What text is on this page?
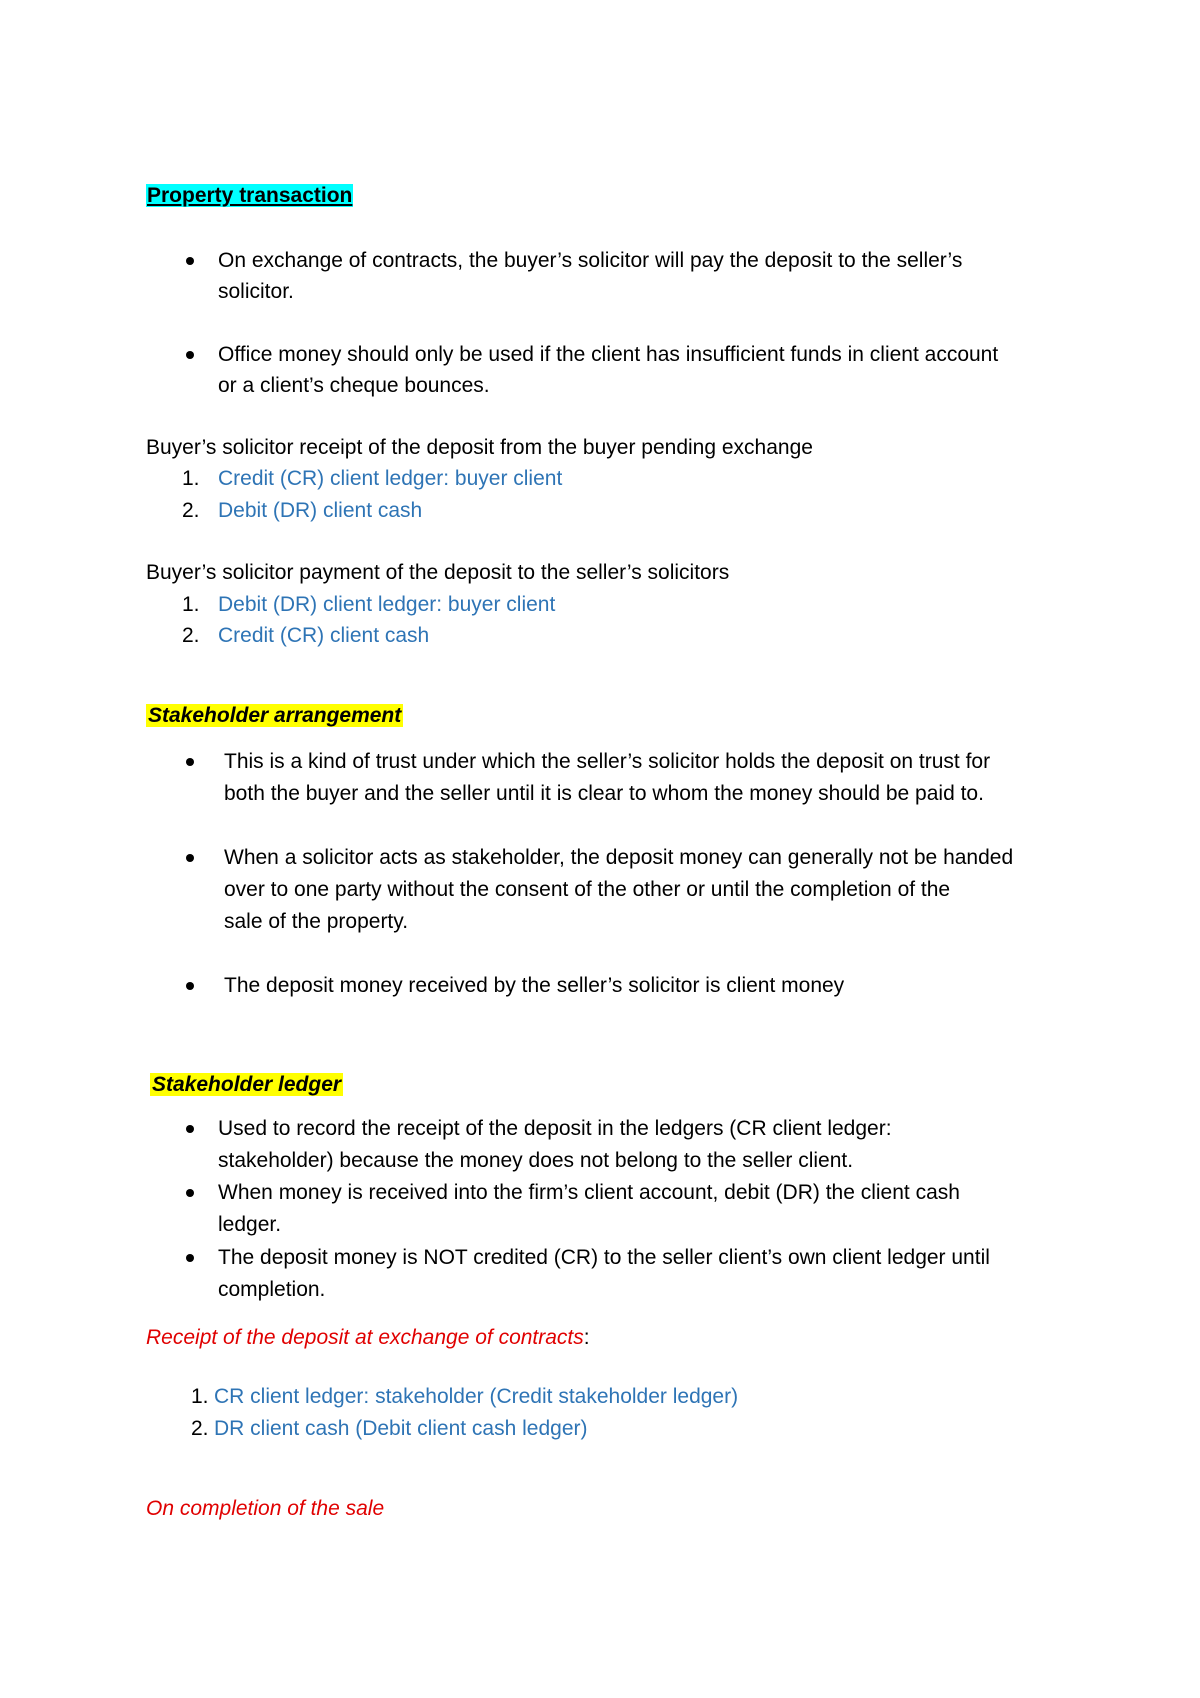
Property transaction
On exchange of contracts, the buyer’s solicitor will pay the deposit to the seller’s
solicitor.
Office money should only be used if the client has insufficient funds in client account
or a client’s cheque bounces.
Buyer’s solicitor receipt of the deposit from the buyer pending exchange
1. Credit (CR) client ledger: buyer client
2. Debit (DR) client cash
Buyer’s solicitor payment of the deposit to the seller’s solicitors
1. Debit (DR) client ledger: buyer client
2. Credit (CR) client cash
Stakeholder arrangement
This is a kind of trust under which the seller’s solicitor holds the deposit on trust for
both the buyer and the seller until it is clear to whom the money should be paid to.
When a solicitor acts as stakeholder, the deposit money can generally not be handed
over to one party without the consent of the other or until the completion of the
sale of the property.
The deposit money received by the seller’s solicitor is client money
Stakeholder ledger
Used to record the receipt of the deposit in the ledgers (CR client ledger:
stakeholder) because the money does not belong to the seller client.
When money is received into the firm’s client account, debit (DR) the client cash
ledger.
The deposit money is NOT credited (CR) to the seller client’s own client ledger until
completion.
Receipt of the deposit at exchange of contracts:
1. CR client ledger: stakeholder (Credit stakeholder ledger)
2. DR client cash (Debit client cash ledger)
On completion of the sale
